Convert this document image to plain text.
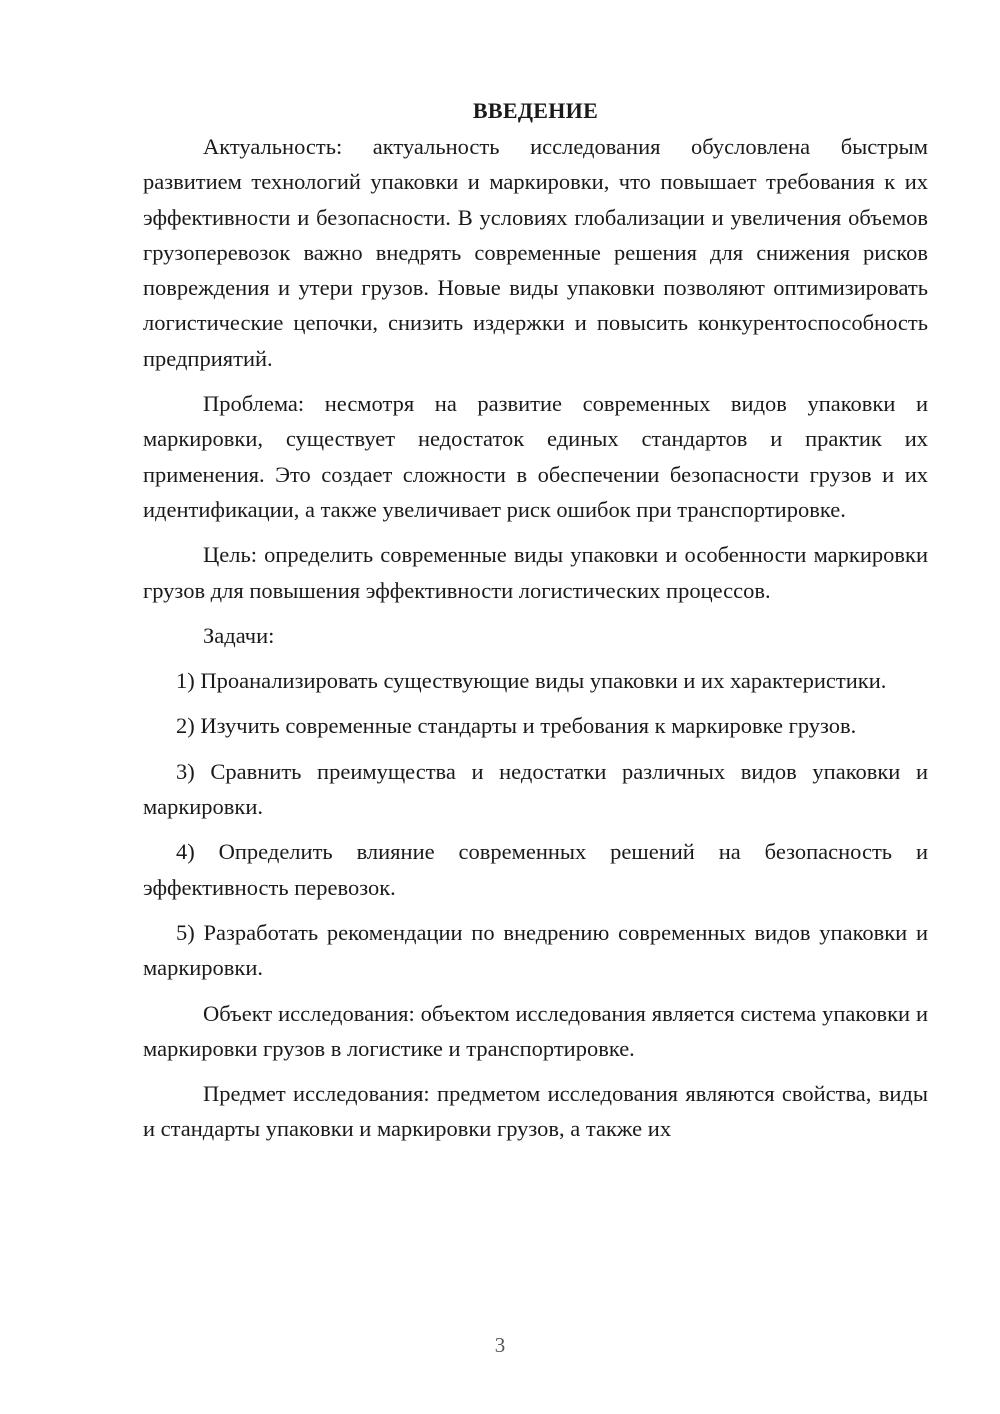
ВВЕДЕНИЕ

Актуальность: актуальность исследования обусловлена быстрым развитием технологий упаковки и маркировки, что повышает требования к их эффективности и безопасности. В условиях глобализации и увеличения объемов грузоперевозок важно внедрять современные решения для снижения рисков повреждения и утери грузов. Новые виды упаковки позволяют оптимизировать логистические цепочки, снизить издержки и повысить конкурентоспособность предприятий.

Проблема: несмотря на развитие современных видов упаковки и маркировки, существует недостаток единых стандартов и практик их применения. Это создает сложности в обеспечении безопасности грузов и их идентификации, а также увеличивает риск ошибок при транспортировке.

Цель: определить современные виды упаковки и особенности маркировки грузов для повышения эффективности логистических процессов.

Задачи:

1) Проанализировать существующие виды упаковки и их характеристики.

2) Изучить современные стандарты и требования к маркировке грузов.

3) Сравнить преимущества и недостатки различных видов упаковки и маркировки.

4) Определить влияние современных решений на безопасность и эффективность перевозок.

5) Разработать рекомендации по внедрению современных видов упаковки и маркировки.

Объект исследования: объектом исследования является система упаковки и маркировки грузов в логистике и транспортировке.

Предмет исследования: предметом исследования являются свойства, виды и стандарты упаковки и маркировки грузов, а также их

3
